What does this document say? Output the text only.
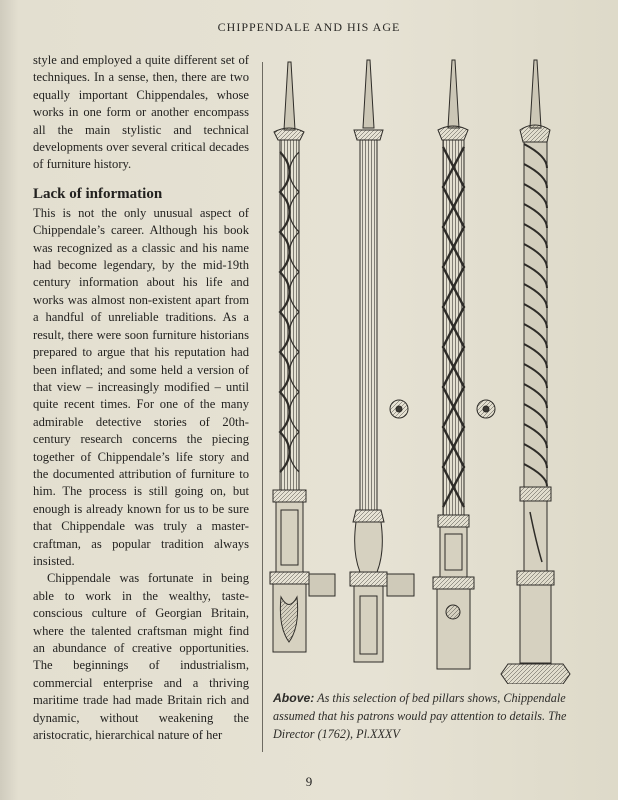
CHIPPENDALE AND HIS AGE

style and employed a quite different set of techniques. In a sense, then, there are two equally important Chippendales, whose works in one form or another encompass all the main stylistic and technical developments over several critical decades of furniture history.

Lack of information

This is not the only unusual aspect of Chippendale’s career. Although his book was recognized as a classic and his name had become legendary, by the mid-19th century information about his life and works was almost non-existent apart from a handful of unreliable traditions. As a result, there were soon furniture historians prepared to argue that his reputation had been inflated; and some held a version of that view – increasingly modified – until quite recent times. For one of the many admirable detective stories of 20th-century research concerns the piecing together of Chippendale’s life story and the documented attribution of furniture to him. The process is still going on, but enough is already known for us to be sure that Chippendale was truly a master-craftman, as popular tradition always insisted.

Chippendale was fortunate in being able to work in the wealthy, taste-conscious culture of Georgian Britain, where the talented craftsman might find an abundance of creative opportunities. The beginnings of industrialism, commercial enterprise and a thriving maritime trade had made Britain rich and dynamic, without weakening the aristocratic, hierarchical nature of her

Above: As this selection of bed pillars shows, Chippendale assumed that his patrons would pay attention to details. The Director (1762), Pl.XXXV
9
